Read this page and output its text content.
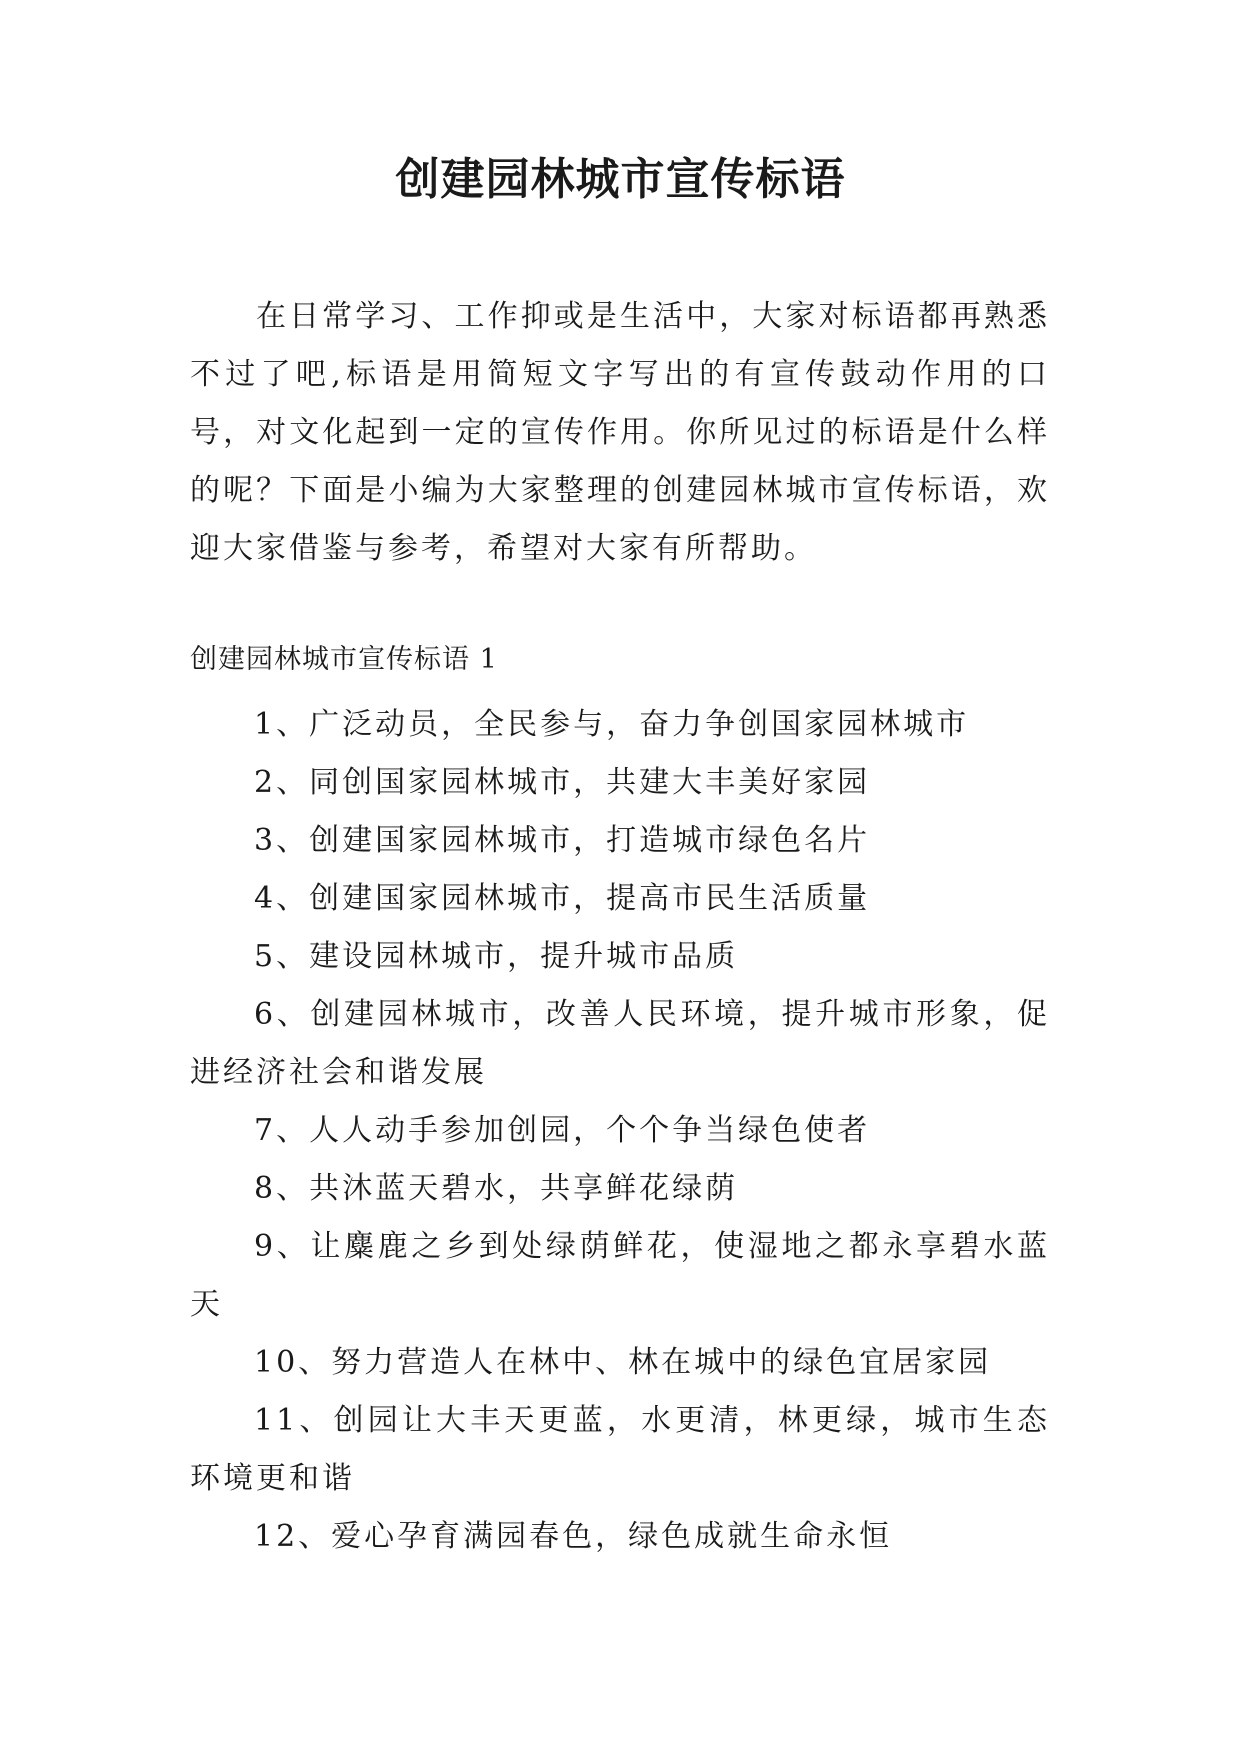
创建园林城市宣传标语

在日常学习、工作抑或是生活中，大家对标语都再熟悉不过了吧,标语是用简短文字写出的有宣传鼓动作用的口号，对文化起到一定的宣传作用。你所见过的标语是什么样的呢？下面是小编为大家整理的创建园林城市宣传标语，欢迎大家借鉴与参考，希望对大家有所帮助。

创建园林城市宣传标语 1
1、广泛动员，全民参与，奋力争创国家园林城市
2、同创国家园林城市，共建大丰美好家园
3、创建国家园林城市，打造城市绿色名片
4、创建国家园林城市，提高市民生活质量
5、建设园林城市，提升城市品质
6、创建园林城市，改善人民环境，提升城市形象，促进经济社会和谐发展
7、人人动手参加创园，个个争当绿色使者
8、共沐蓝天碧水，共享鲜花绿荫
9、让麋鹿之乡到处绿荫鲜花，使湿地之都永享碧水蓝天
10、努力营造人在林中、林在城中的绿色宜居家园
11、创园让大丰天更蓝，水更清，林更绿，城市生态环境更和谐
12、爱心孕育满园春色，绿色成就生命永恒
